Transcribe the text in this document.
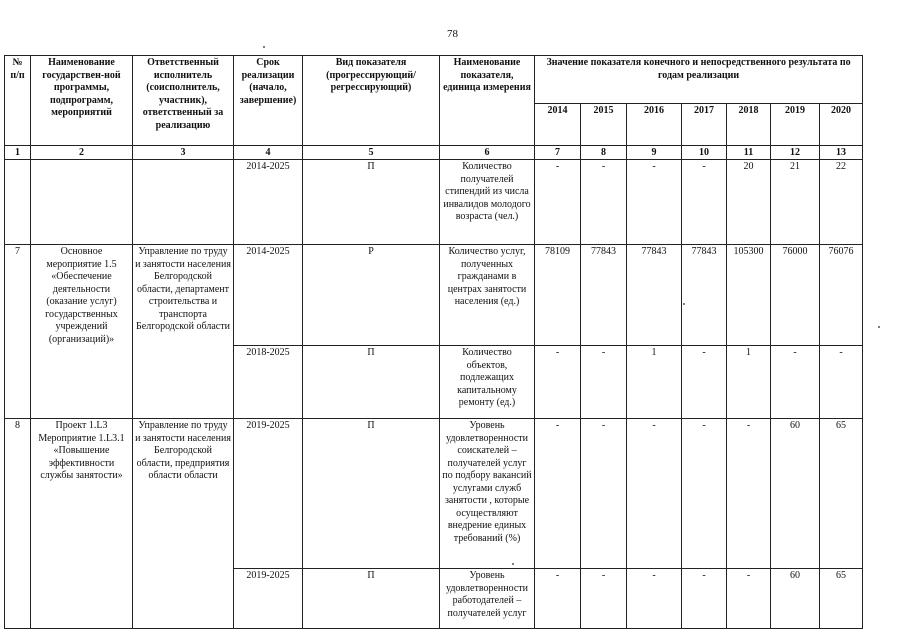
78
№ п/п	Наименование государствен-ной программы, подпрограмм, мероприятий	Ответственный исполнитель (соисполнитель, участник), ответственный за реализацию	Срок реализации (начало, завершение)	Вид показателя (прогрессирующий/ регрессирующий)	Наименование показателя, единица измерения	Значение показателя конечного и непосредственного результата по годам реализации						
						2014	2015	2016	2017	2018	2019	2020
1	2	3	4	5	6	7	8	9	10	11	12	13
			2014-2025	П	Количество получателей стипендий из числа инвалидов молодого возраста (чел.)	-	-	-	-	20	21	22
7	Основное мероприятие 1.5 «Обеспечение деятельности (оказание услуг) государственных учреждений (организаций)»	Управление по труду и занятости населения Белгородской области, департамент строительства и транспорта Белгородской области	2014-2025	Р	Количество услуг, полученных гражданами в центрах занятости населения (ед.)	78109	77843	77843	77843	105300	76000	76076
			2018-2025	П	Количество объектов, подлежащих капитальному ремонту (ед.)	-	-	1	-	1	-	-
8	Проект 1.L3 Мероприятие 1.L3.1 «Повышение эффективности службы занятости»	Управление по труду и занятости населения Белгородской области, предприятия области области	2019-2025	П	Уровень удовлетворенности соискателей – получателей услуг по подбору вакансий услугами служб занятости , которые осуществляют внедрение единых требований (%)	-	-	-	-	-	60	65
			2019-2025	П	Уровень удовлетворенности работодателей – получателей услуг	-	-	-	-	-	60	65
